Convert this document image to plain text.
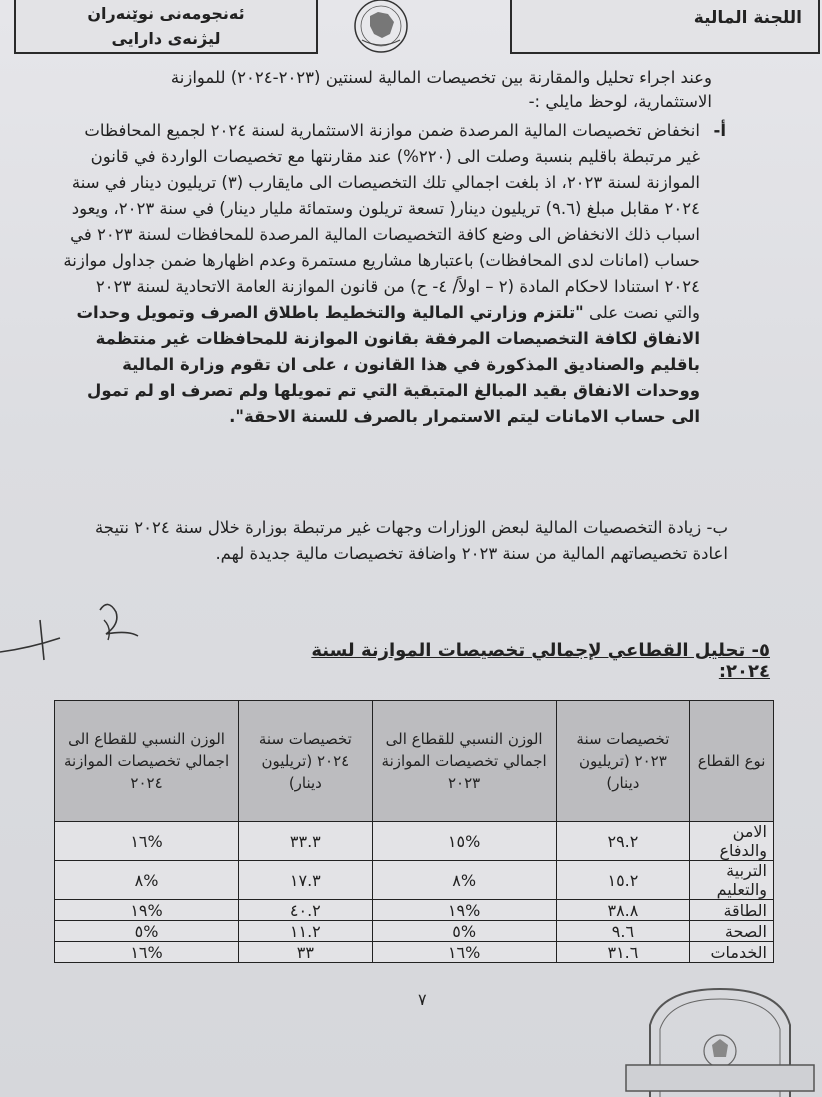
ئەنجومەنی نوێنەران
لیژنەی دارایی
اللجنة المالية
وعند اجراء تحليل والمقارنة بين تخصيصات المالية لسنتين (٢٠٢٣-٢٠٢٤) للموازنة الاستثمارية، لوحظ مايلي :-
أ-
انخفاض تخصيصات المالية المرصدة ضمن موازنة الاستثمارية لسنة ٢٠٢٤ لجميع المحافظات غير مرتبطة باقليم بنسبة وصلت الى (٢٢٠%) عند مقارنتها مع تخصيصات الواردة في قانون الموازنة لسنة ٢٠٢٣، اذ بلغت اجمالي تلك التخصيصات الى مايقارب (٣) تريليون دينار في سنة ٢٠٢٤ مقابل مبلغ (٩.٦) تريليون دينار( تسعة تريلون وستمائة مليار دينار) في سنة ٢٠٢٣، ويعود اسباب ذلك الانخفاض الى وضع كافة التخصيصات المالية المرصدة للمحافظات لسنة ٢٠٢٣ في حساب (امانات لدى المحافظات) باعتبارها مشاريع مستمرة وعدم اظهارها ضمن جداول موازنة ٢٠٢٤ استنادا لاحكام المادة (٢ – اولاً/ ٤- ح) من قانون الموازنة العامة الاتحادية لسنة ٢٠٢٣ والتي نصت على "تلتزم وزارتي المالية والتخطيط باطلاق الصرف وتمويل وحدات الانفاق لكافة التخصيصات المرفقة بقانون الموازنة للمحافظات غير منتظمة باقليم والصناديق المذكورة في هذا القانون ، على ان تقوم وزارة المالية ووحدات الانفاق بقيد المبالغ المتبقية التي تم تمويلها ولم تصرف او لم تمول الى حساب الامانات ليتم الاستمرار بالصرف للسنة الاحقة".
ب- زيادة التخصصيات المالية لبعض الوزارات وجهات غير مرتبطة بوزارة خلال سنة ٢٠٢٤ نتيجة اعادة تخصيصاتهم المالية من سنة ٢٠٢٣ واضافة تخصيصات مالية جديدة لهم.
٥- تحليل القطاعي لإجمالي تخصيصات الموازنة لسنة ٢٠٢٤:
نوع القطاع	تخصيصات سنة ٢٠٢٣ (تريليون دينار)	الوزن النسبي للقطاع الى اجمالي تخصيصات الموازنة ٢٠٢٣	تخصيصات سنة ٢٠٢٤ (تريليون دينار)	الوزن النسبي للقطاع الى اجمالي تخصيصات الموازنة ٢٠٢٤
الامن والدفاع	٢٩.٢	%١٥	٣٣.٣	%١٦
التربية والتعليم	١٥.٢	%٨	١٧.٣	%٨
الطاقة	٣٨.٨	%١٩	٤٠.٢	%١٩
الصحة	٩.٦	%٥	١١.٢	%٥
الخدمات	٣١.٦	%١٦	٣٣	%١٦
٧
